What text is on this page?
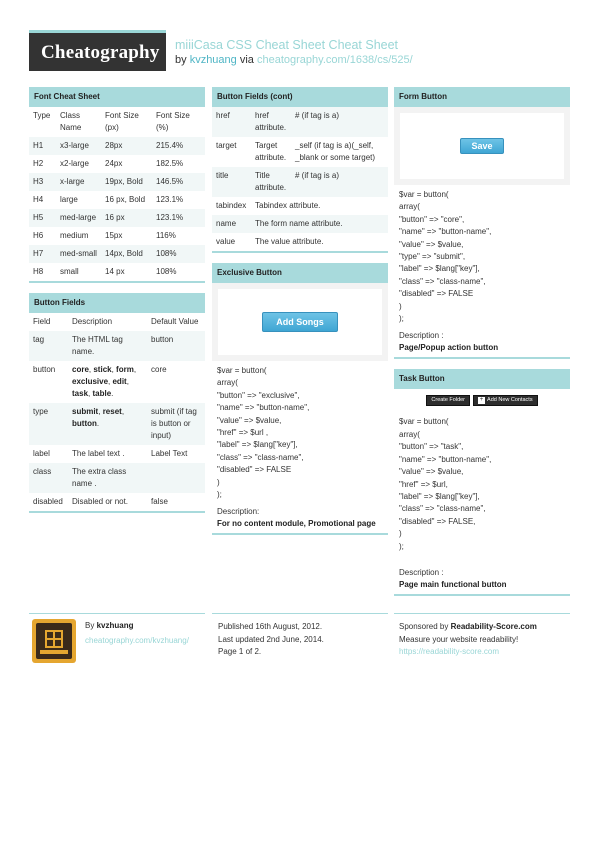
Cheatography miiiCasa CSS Cheat Sheet Cheat Sheet
by kvzhuang via cheatography.com/1638/cs/525/
Font Cheat Sheet
Type	Class Name	Font Size (px)	Font Size (%)
H1	x3-large	28px	215.4%
H2	x2-large	24px	182.5%
H3	x-large	19px, Bold	146.5%
H4	large	16 px, Bold	123.1%
H5	med-large	16 px	123.1%
H6	medium	15px	116%
H7	med-small	14px, Bold	108%
H8	small	14 px	108%
Button Fields
Field	Description	Default Value
tag	The HTML tag name.	button
button	core, stick, form, exclusive, edit, task, table.	core
type	submit, reset, button.	submit (if tag is button or input)
label	The label text .	Label Text
class	The extra class name .	
disabled	Disabled or not.	false
Button Fields (cont)
href	href attribute.	# (if tag is a)
target	Target attribute.	_self (if tag is a)(_self, _blank or some target)
title	Title attribute.	# (if tag is a)
tabindex	Tabindex attribute.	
name	The form name attribute.	
value	The value attribute.	
Exclusive Button
Add Songs
$var = button(
array(
"button" => "exclusive",
"name" => "button-name",
"value" => $value,
"href" => $url ,
"label" => $lang["key"],
"class" => "class-name",
"disabled" => FALSE
)
);
Description:
For no content module, Promotional page
Form Button
Save
$var = button(
array(
"button" => "core",
"name" => "button-name",
"value" => $value,
"type" => "submit",
"label" => $lang["key"],
"class" => "class-name",
"disabled" => FALSE
)
);
Description :
Page/Popup action button
Task Button
Create Folder	+ Add New Contacts
$var = button(
array(
"button" => "task",
"name" => "button-name",
"value" => $value,
"href" => $url,
"label" => $lang["key"],
"class" => "class-name",
"disabled" => FALSE,
)
);
Description :
Page main functional button
By kvzhuang
cheatography.com/kvzhuang/
Published 16th August, 2012.
Last updated 2nd June, 2014.
Page 1 of 2.
Sponsored by Readability-Score.com
Measure your website readability!
https://readability-score.com
